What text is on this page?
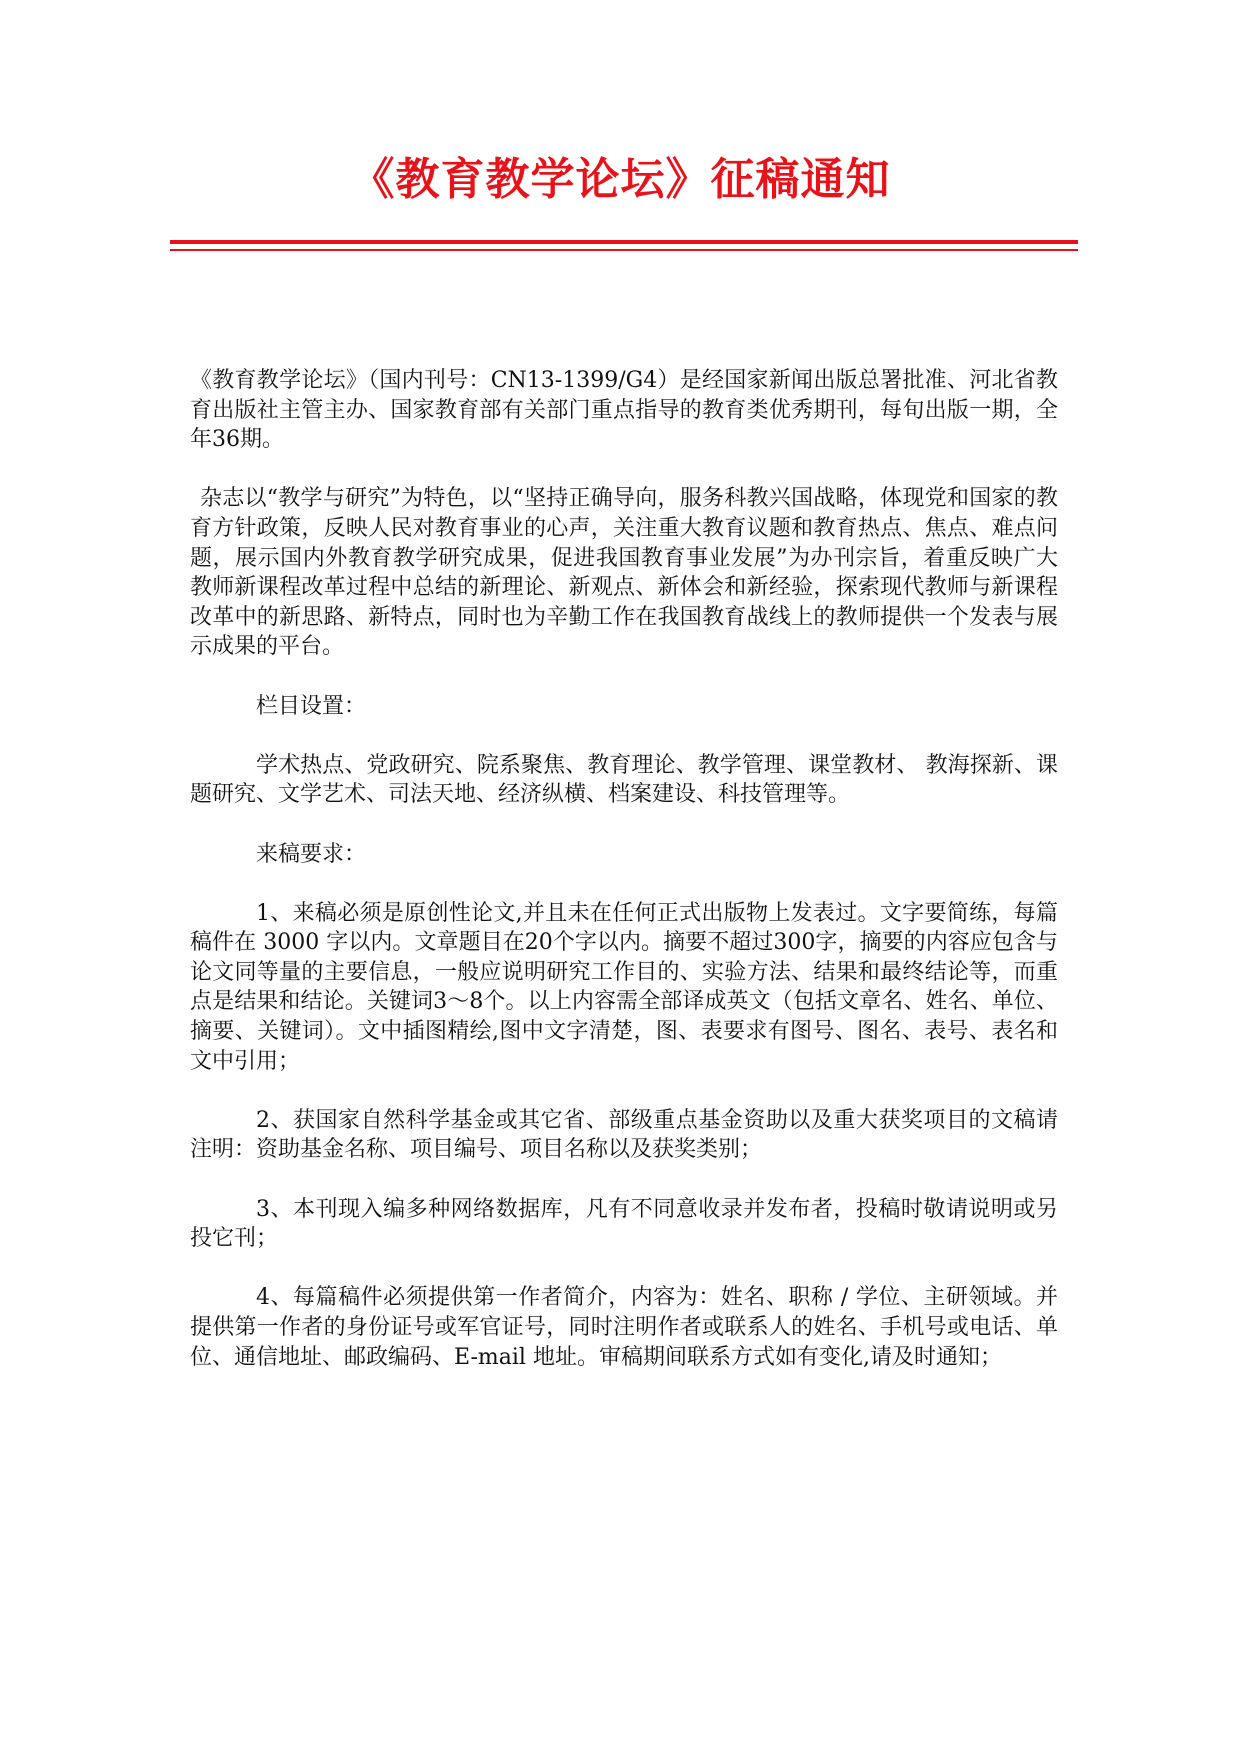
《教育教学论坛》征稿通知

《教育教学论坛》（国内刊号：CN13-1399/G4）是经国家新闻出版总署批准、河北省教育出版社主管主办、国家教育部有关部门重点指导的教育类优秀期刊，每旬出版一期，全年36期。

杂志以“教学与研究”为特色，以“坚持正确导向，服务科教兴国战略，体现党和国家的教育方针政策，反映人民对教育事业的心声，关注重大教育议题和教育热点、焦点、难点问题，展示国内外教育教学研究成果，促进我国教育事业发展”为办刊宗旨，着重反映广大教师新课程改革过程中总结的新理论、新观点、新体会和新经验，探索现代教师与新课程改革中的新思路、新特点，同时也为辛勤工作在我国教育战线上的教师提供一个发表与展示成果的平台。

栏目设置：

学术热点、党政研究、院系聚焦、教育理论、教学管理、课堂教材、 教海探新、课题研究、文学艺术、司法天地、经济纵横、档案建设、科技管理等。

来稿要求：

1、来稿必须是原创性论文,并且未在任何正式出版物上发表过。文字要简练，每篇稿件在 3000 字以内。文章题目在20个字以内。摘要不超过300字，摘要的内容应包含与论文同等量的主要信息，一般应说明研究工作目的、实验方法、结果和最终结论等，而重点是结果和结论。关键词3～8个。以上内容需全部译成英文（包括文章名、姓名、单位、摘要、关键词）。文中插图精绘,图中文字清楚，图、表要求有图号、图名、表号、表名和文中引用；

2、获国家自然科学基金或其它省、部级重点基金资助以及重大获奖项目的文稿请注明：资助基金名称、项目编号、项目名称以及获奖类别；

3、本刊现入编多种网络数据库，凡有不同意收录并发布者，投稿时敬请说明或另投它刊；

4、每篇稿件必须提供第一作者简介，内容为：姓名、职称 / 学位、主研领域。并提供第一作者的身份证号或军官证号，同时注明作者或联系人的姓名、手机号或电话、单位、通信地址、邮政编码、E-mail 地址。审稿期间联系方式如有变化,请及时通知；
